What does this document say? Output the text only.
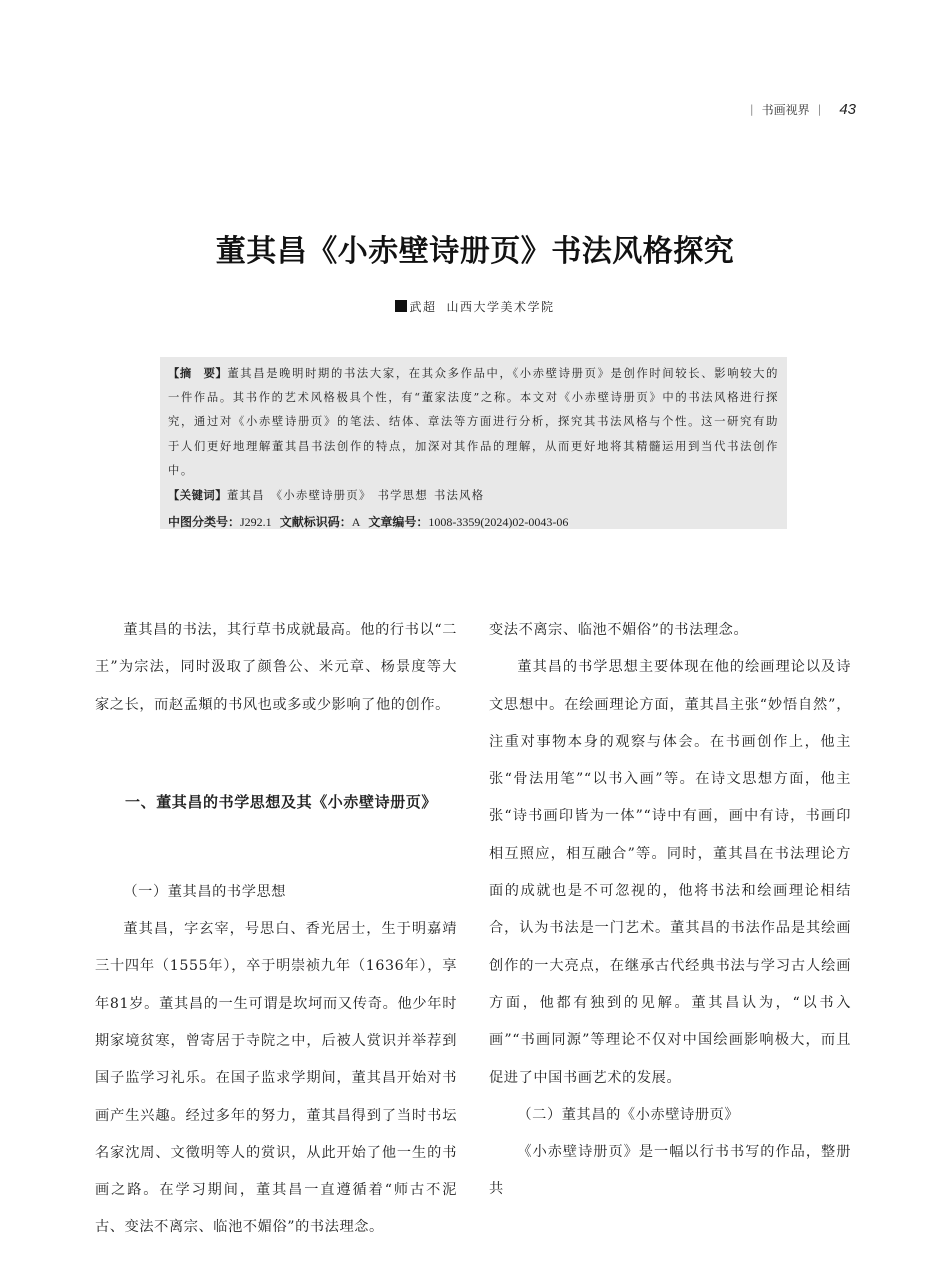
| 书画视界 | 43
董其昌《小赤壁诗册页》书法风格探究
武超 山西大学美术学院

【摘　要】董其昌是晚明时期的书法大家，在其众多作品中，《小赤壁诗册页》是创作时间较长、影响较大的一件作品。其书作的艺术风格极具个性，有“董家法度”之称。本文对《小赤壁诗册页》中的书法风格进行探究，通过对《小赤壁诗册页》的笔法、结体、章法等方面进行分析，探究其书法风格与个性。这一研究有助于人们更好地理解董其昌书法创作的特点，加深对其作品的理解，从而更好地将其精髓运用到当代书法创作中。

【关键词】董其昌 《小赤壁诗册页》 书学思想 书法风格

中图分类号：J292.1 文献标识码：A 文章编号：1008-3359(2024)02-0043-06

董其昌的书法，其行草书成就最高。他的行书以“二王”为宗法，同时汲取了颜鲁公、米元章、杨景度等大家之长，而赵孟頫的书风也或多或少影响了他的创作。

一、董其昌的书学思想及其《小赤壁诗册页》

（一）董其昌的书学思想

董其昌，字玄宰，号思白、香光居士，生于明嘉靖三十四年（1555年），卒于明崇祯九年（1636年），享年81岁。董其昌的一生可谓是坎坷而又传奇。他少年时期家境贫寒，曾寄居于寺院之中，后被人赏识并举荐到国子监学习礼乐。在国子监求学期间，董其昌开始对书画产生兴趣。经过多年的努力，董其昌得到了当时书坛名家沈周、文徵明等人的赏识，从此开始了他一生的书画之路。在学习期间，董其昌一直遵循着“师古不泥古、变法不离宗、临池不媚俗”的书法理念。

变法不离宗、临池不媚俗”的书法理念。

董其昌的书学思想主要体现在他的绘画理论以及诗文思想中。在绘画理论方面，董其昌主张“妙悟自然”，注重对事物本身的观察与体会。在书画创作上，他主张“骨法用笔”“以书入画”等。在诗文思想方面，他主张“诗书画印皆为一体”“诗中有画，画中有诗，书画印相互照应，相互融合”等。同时，董其昌在书法理论方面的成就也是不可忽视的，他将书法和绘画理论相结合，认为书法是一门艺术。董其昌的书法作品是其绘画创作的一大亮点，在继承古代经典书法与学习古人绘画方面，他都有独到的见解。董其昌认为，“以书入画”“书画同源”等理论不仅对中国绘画影响极大，而且促进了中国书画艺术的发展。

（二）董其昌的《小赤壁诗册页》

《小赤壁诗册页》是一幅以行书书写的作品，整册共
